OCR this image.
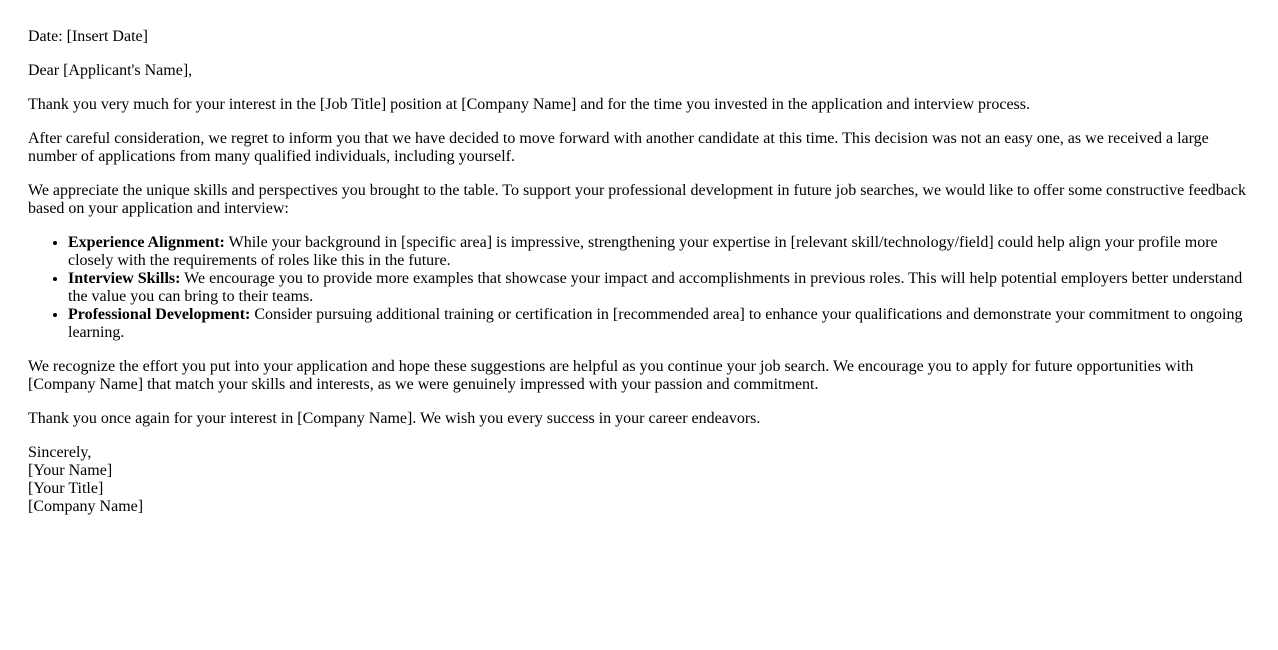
Date: [Insert Date]

Dear [Applicant's Name],

Thank you very much for your interest in the [Job Title] position at [Company Name] and for the time you invested in the application and interview process.

After careful consideration, we regret to inform you that we have decided to move forward with another candidate at this time. This decision was not an easy one, as we received a large number of applications from many qualified individuals, including yourself.

We appreciate the unique skills and perspectives you brought to the table. To support your professional development in future job searches, we would like to offer some constructive feedback based on your application and interview:

• Experience Alignment: While your background in [specific area] is impressive, strengthening your expertise in [relevant skill/technology/field] could help align your profile more closely with the requirements of roles like this in the future.
• Interview Skills: We encourage you to provide more examples that showcase your impact and accomplishments in previous roles. This will help potential employers better understand the value you can bring to their teams.
• Professional Development: Consider pursuing additional training or certification in [recommended area] to enhance your qualifications and demonstrate your commitment to ongoing learning.

We recognize the effort you put into your application and hope these suggestions are helpful as you continue your job search. We encourage you to apply for future opportunities with [Company Name] that match your skills and interests, as we were genuinely impressed with your passion and commitment.

Thank you once again for your interest in [Company Name]. We wish you every success in your career endeavors.

Sincerely,
[Your Name]
[Your Title]
[Company Name]
